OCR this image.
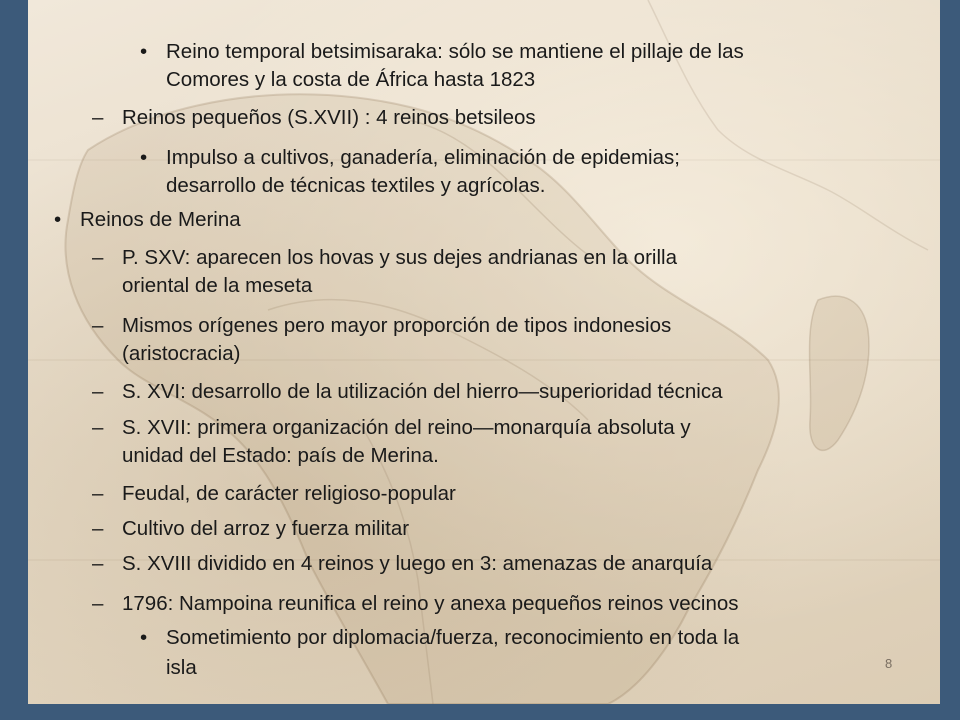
• Reino temporal betsimisaraka: sólo se mantiene el pillaje de las
Comores y la costa de África hasta 1823
– Reinos pequeños (S.XVII) : 4 reinos betsileos
• Impulso a cultivos, ganadería, eliminación de epidemias;
desarrollo de técnicas textiles y agrícolas.
• Reinos de Merina
– P. SXV: aparecen los hovas y sus dejes andrianas en la orilla
oriental de la meseta
– Mismos orígenes pero mayor proporción de tipos indonesios
(aristocracia)
– S. XVI: desarrollo de la utilización del hierro—superioridad técnica
– S. XVII: primera organización del reino—monarquía absoluta y
unidad del Estado: país de Merina.
– Feudal, de carácter religioso-popular
– Cultivo del arroz y fuerza militar
– S. XVIII dividido en 4 reinos y luego en 3: amenazas de anarquía
– 1796: Nampoina reunifica el reino y anexa pequeños reinos vecinos
• Sometimiento por diplomacia/fuerza, reconocimiento en toda la
isla	8
